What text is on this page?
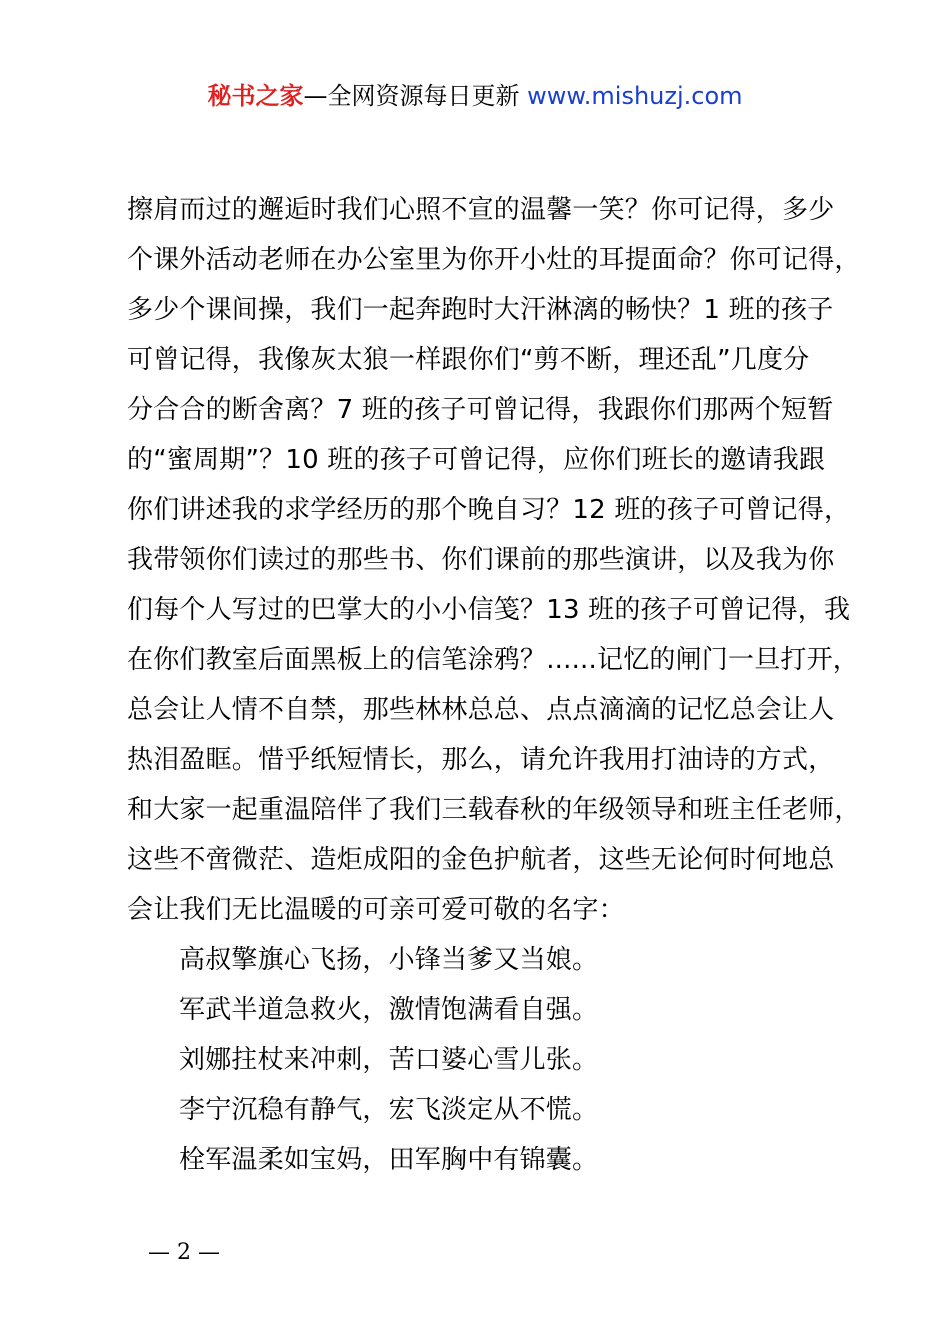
秘书之家—全网资源每日更新 www.mishuzj.com
擦肩而过的邂逅时我们心照不宣的温馨一笑？你可记得，多少
个课外活动老师在办公室里为你开小灶的耳提面命？你可记得，
多少个课间操，我们一起奔跑时大汗淋漓的畅快？1 班的孩子
可曾记得，我像灰太狼一样跟你们“剪不断，理还乱”几度分
分合合的断舍离？7 班的孩子可曾记得，我跟你们那两个短暂
的“蜜周期”？10 班的孩子可曾记得，应你们班长的邀请我跟
你们讲述我的求学经历的那个晚自习？12 班的孩子可曾记得，
我带领你们读过的那些书、你们课前的那些演讲，以及我为你
们每个人写过的巴掌大的小小信笺？13 班的孩子可曾记得，我
在你们教室后面黑板上的信笔涂鸦？......记忆的闸门一旦打开，
总会让人情不自禁，那些林林总总、点点滴滴的记忆总会让人
热泪盈眶。惜乎纸短情长，那么，请允许我用打油诗的方式，
和大家一起重温陪伴了我们三载春秋的年级领导和班主任老师，
这些不啻微茫、造炬成阳的金色护航者，这些无论何时何地总
会让我们无比温暖的可亲可爱可敬的名字：
高叔擎旗心飞扬，小锋当爹又当娘。
军武半道急救火，激情饱满看自强。
刘娜拄杖来冲刺，苦口婆心雪儿张。
李宁沉稳有静气，宏飞淡定从不慌。
栓军温柔如宝妈，田军胸中有锦囊。
— 2 —
